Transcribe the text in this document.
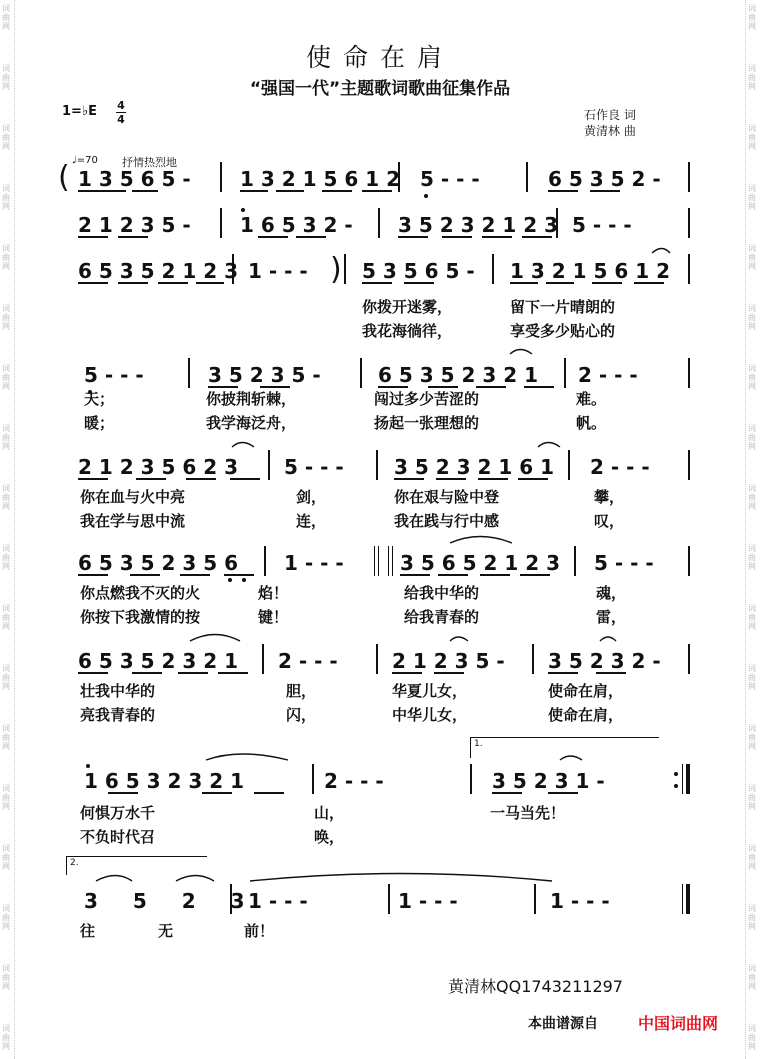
词
曲
网
词
曲
网
词
曲
网
词
曲
网
词
曲
网
词
曲
网
词
曲
网
词
曲
网
词
曲
网
词
曲
网
词
曲
网
词
曲
网
词
曲
网
词
曲
网
词
曲
网
词
曲
网
词
曲
网
词
曲
网
词
曲
网
词
曲
网
词
曲
网
词
曲
网
词
曲
网
词
曲
网
词
曲
网
词
曲
网
词
曲
网
词
曲
网
词
曲
网
词
曲
网
词
曲
网
词
曲
网
词
曲
网
词
曲
网
词
曲
网
词
曲
网
使命在肩
“强国一代”主题歌词歌曲征集作品
1=♭E 4
4	石作良 词
黄清林 曲
♩=70 抒情热烈地
( 1 3 5 6 5 - 1 3 2 1 5 6 1 2 5 - - -	6 5 3 5 2 -
2 1 2 3 5 - 1 6 5 3 2 - 3 5 2 3 2 1 2 3 5 - - -
6 5 3 5 2 1 2 3 1 - - - ) 5 3 5 6 5 - 1 3 2 1 5 6 1 2
你拨开迷雾，	留下一片晴朗的
我花海徜徉，	享受多少贴心的
5 - - -	3 5 2 3 5 -	6 5 3 5 2 3 2 1 2 - - -
天；	你披荆斩棘，	闯过多少苦涩的	难。
暖；	我学海泛舟，	扬起一张理想的	帆。
2 1 2 3 5 6 2 3 5 - - -	3 5 2 3 2 1 6 1 2 - - -
你在血与火中亮	剑，	你在艰与险中登	攀，
我在学与思中流	连，	我在践与行中感	叹，
6 5 3 5 2 3 5 6 1 - - -	3 5 6 5 2 1 2 3 5 - - -
你点燃我不灭的火	焰！	给我中华的	魂，
你按下我激情的按	键！	给我青春的	雷，
6 5 3 5 2 3 2 1 2 - - -	2 1 2 3 5 - 3 5 2 3 2 -
壮我中华的	胆，	华夏儿女，	使命在肩，
亮我青春的	闪，	中华儿女，	使命在肩，
1.
1 6 5 3 2 3 2 1	2 - - -	3 5 2 3 1 -
何惧万水千	山，	一马当先！
不负时代召	唤，
2.
3 5 2 3
1 - - -	1 - - -	1 - - -
往	无	前！
黄清林QQ1743211297
本曲谱源自	中国词曲网
